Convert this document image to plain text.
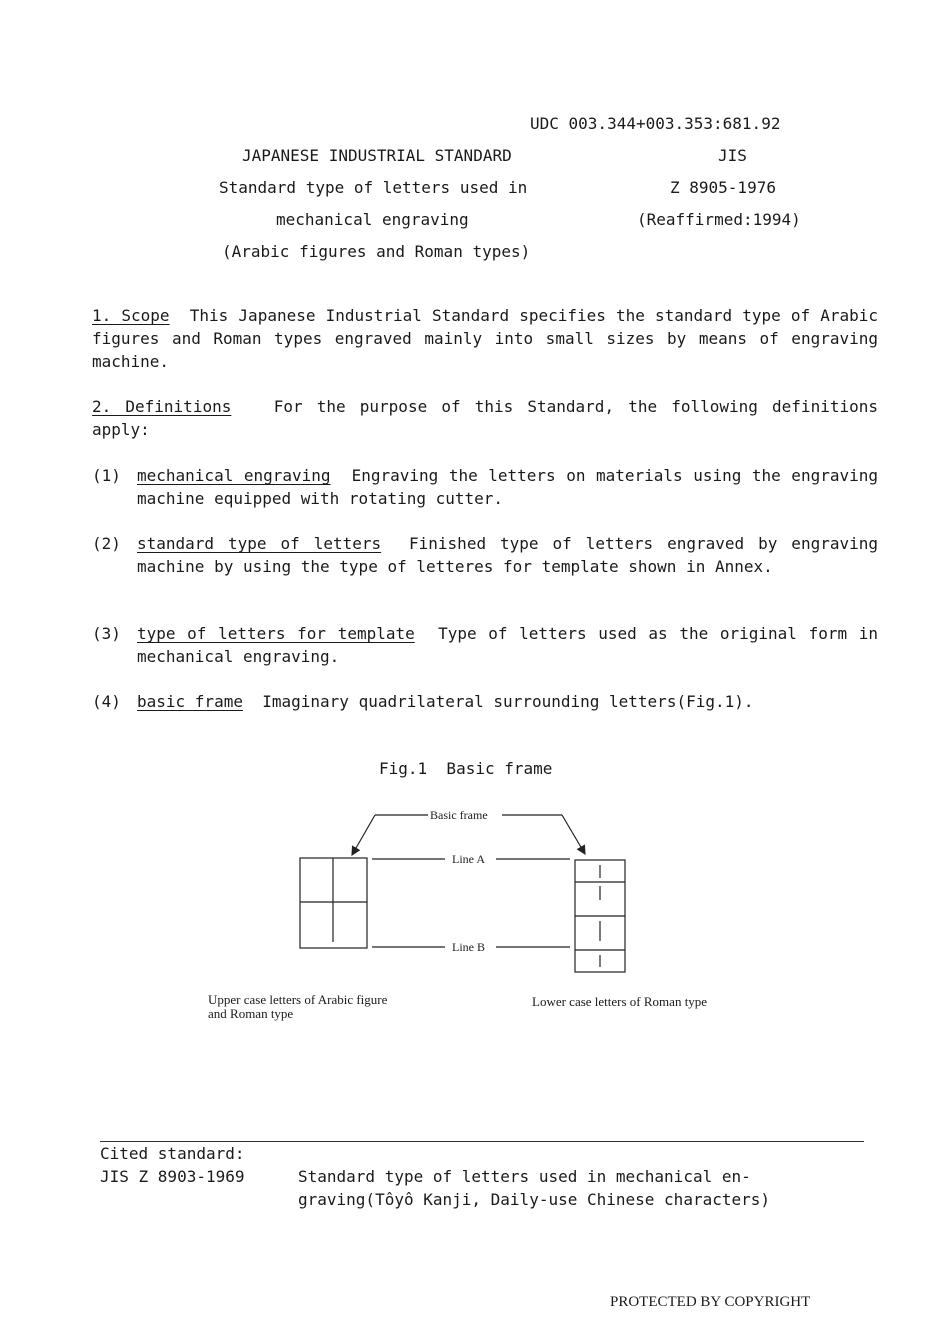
UDC 003.344+003.353:681.92
JAPANESE INDUSTRIAL STANDARD
Standard type of letters used in
mechanical engraving
(Arabic figures and Roman types)
JIS
Z 8905-1976
(Reaffirmed:1994)
1. Scope This Japanese Industrial Standard specifies the standard type of Arabic figures and Roman types engraved mainly into small sizes by means of engraving machine.
2. Definitions	For the purpose of this Standard, the following definitions apply:
(1) mechanical engraving Engraving the letters on materials using the engraving machine equipped with rotating cutter.
(2) standard type of letters Finished type of letters engraved by engraving machine by using the type of letteres for template shown in Annex.
(3) type of letters for template Type of letters used as the original form in mechanical engraving.
(4) basic frame Imaginary quadrilateral surrounding letters(Fig.1).
Fig.1  Basic frame
Basic frame
Line A
Line B
Upper case letters of Arabic figure
and Roman type
Lower case letters of Roman type
Cited standard:
JIS Z 8903-1969	Standard type of letters used in mechanical en-
graving(Tôyô Kanji, Daily-use Chinese characters)
PROTECTED BY COPYRIGHT
